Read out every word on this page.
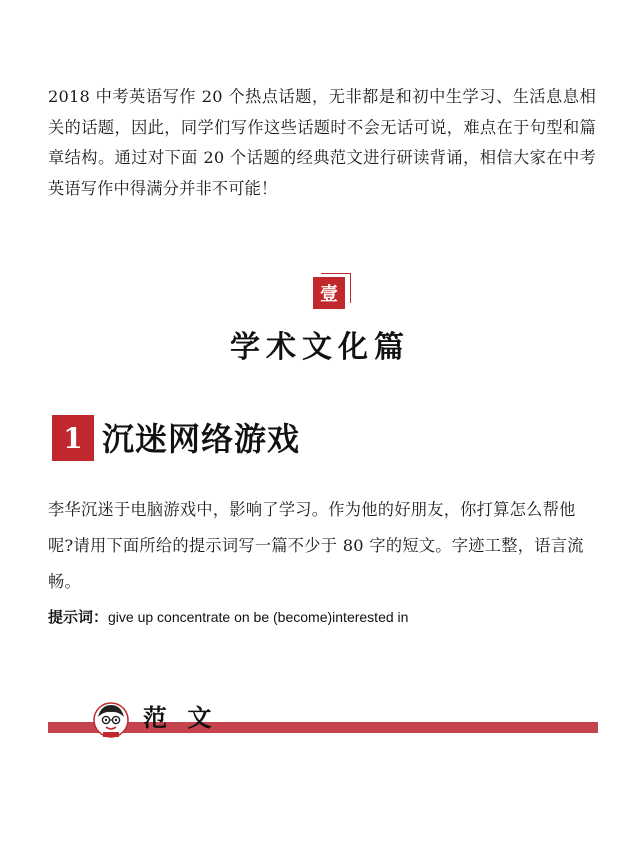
2018 中考英语写作 20 个热点话题，无非都是和初中生学习、生活息息相关的话题，因此，同学们写作这些话题时不会无话可说，难点在于句型和篇章结构。通过对下面 20 个话题的经典范文进行研读背诵，相信大家在中考英语写作中得满分并非不可能！
壹
学术文化篇
1 沉迷网络游戏
李华沉迷于电脑游戏中，影响了学习。作为他的好朋友，你打算怎么帮他呢?请用下面所给的提示词写一篇不少于 80 字的短文。字迹工整，语言流畅。
提示词：give up concentrate on be (become)interested in
范 文
